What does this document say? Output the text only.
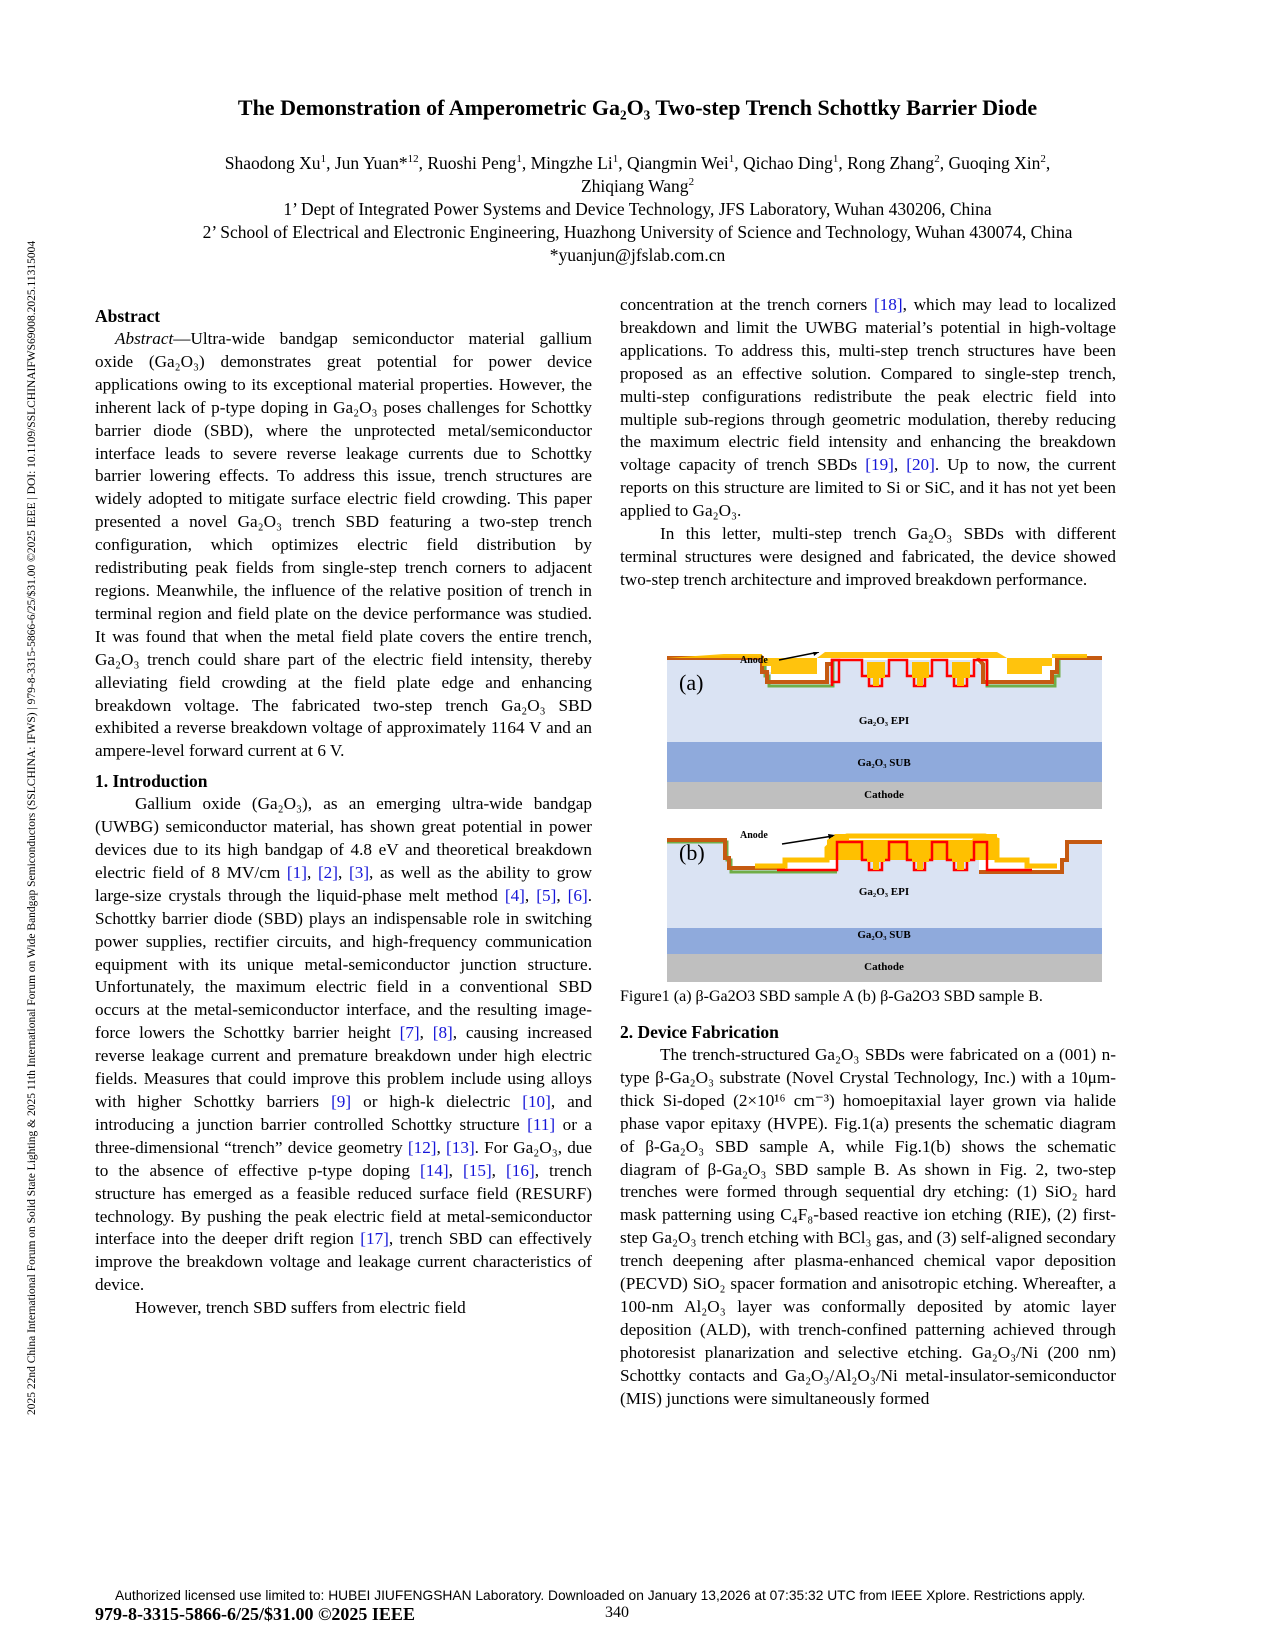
2025 22nd China International Forum on Solid State Lighting & 2025 11th International Forum on Wide Bandgap Semiconductors (SSLCHINA: IFWS) | 979-8-3315-5866-6/25/$31.00 ©2025 IEEE | DOI: 10.1109/SSLCHINAIFWS69008.2025.11315004
The Demonstration of Amperometric Ga₂O₃ Two-step Trench Schottky Barrier Diode
Shaodong Xu$^1$, Jun Yuan*$^{12}$, Ruoshi Peng$^1$, Mingzhe Li$^1$, Qiangmin Wei$^1$, Qichao Ding$^1$, Rong Zhang$^2$, Guoqing Xin$^2$,
Zhiqiang Wang$^2$
1’ Dept of Integrated Power Systems and Device Technology, JFS Laboratory, Wuhan 430206, China
2’ School of Electrical and Electronic Engineering, Huazhong University of Science and Technology, Wuhan 430074, China
*yuanjun@jfslab.com.cn
Abstract

Abstract—Ultra-wide bandgap semiconductor material gallium oxide (Ga₂O₃) demonstrates great potential for power device applications owing to its exceptional material properties. However, the inherent lack of p-type doping in Ga₂O₃ poses challenges for Schottky barrier diode (SBD), where the unprotected metal/semiconductor interface leads to severe reverse leakage currents due to Schottky barrier lowering effects. To address this issue, trench structures are widely adopted to mitigate surface electric field crowding. This paper presented a novel Ga₂O₃ trench SBD featuring a two-step trench configuration, which optimizes electric field distribution by redistributing peak fields from single-step trench corners to adjacent regions. Meanwhile, the influence of the relative position of trench in terminal region and field plate on the device performance was studied. It was found that when the metal field plate covers the entire trench, Ga₂O₃ trench could share part of the electric field intensity, thereby alleviating field crowding at the field plate edge and enhancing breakdown voltage. The fabricated two-step trench Ga₂O₃ SBD exhibited a reverse breakdown voltage of approximately 1164 V and an ampere-level forward current at 6 V.

1. Introduction

Gallium oxide (Ga₂O₃), as an emerging ultra-wide bandgap (UWBG) semiconductor material, has shown great potential in power devices due to its high bandgap of 4.8 eV and theoretical breakdown electric field of 8 MV/cm [1], [2], [3], as well as the ability to grow large-size crystals through the liquid-phase melt method [4], [5], [6]. Schottky barrier diode (SBD) plays an indispensable role in switching power supplies, rectifier circuits, and high-frequency communication equipment with its unique metal-semiconductor junction structure. Unfortunately, the maximum electric field in a conventional SBD occurs at the metal-semiconductor interface, and the resulting image-force lowers the Schottky barrier height [7], [8], causing increased reverse leakage current and premature breakdown under high electric fields. Measures that could improve this problem include using alloys with higher Schottky barriers [9] or high-k dielectric [10], and introducing a junction barrier controlled Schottky structure [11] or a three-dimensional “trench” device geometry [12], [13]. For Ga₂O₃, due to the absence of effective p-type doping [14], [15], [16], trench structure has emerged as a feasible reduced surface field (RESURF) technology. By pushing the peak electric field at metal-semiconductor interface into the deeper drift region [17], trench SBD can effectively improve the breakdown voltage and leakage current characteristics of device.

However, trench SBD suffers from electric field

concentration at the trench corners [18], which may lead to localized breakdown and limit the UWBG material’s potential in high-voltage applications. To address this, multi-step trench structures have been proposed as an effective solution. Compared to single-step trench, multi-step configurations redistribute the peak electric field into multiple sub-regions through geometric modulation, thereby reducing the maximum electric field intensity and enhancing the breakdown voltage capacity of trench SBDs [19], [20]. Up to now, the current reports on this structure are limited to Si or SiC, and it has not yet been applied to Ga₂O₃.

In this letter, multi-step trench Ga₂O₃ SBDs with different terminal structures were designed and fabricated, the device showed two-step trench architecture and improved breakdown performance.

Anode
(a)
Ga₂O₃ EPI
Ga₂O₃ SUB
Cathode
Anode
(b)
Ga₂O₃ EPI
Ga₂O₃ SUB
Cathode
Figure1 (a) β-Ga2O3 SBD sample A (b) β-Ga2O3 SBD sample B.
2. Device Fabrication

The trench-structured Ga₂O₃ SBDs were fabricated on a (001) n-type β-Ga₂O₃ substrate (Novel Crystal Technology, Inc.) with a 10μm-thick Si-doped (2×10¹⁶ cm⁻³) homoepitaxial layer grown via halide phase vapor epitaxy (HVPE). Fig.1(a) presents the schematic diagram of β-Ga₂O₃ SBD sample A, while Fig.1(b) shows the schematic diagram of β-Ga₂O₃ SBD sample B. As shown in Fig. 2, two-step trenches were formed through sequential dry etching: (1) SiO₂ hard mask patterning using C₄F₈-based reactive ion etching (RIE), (2) first-step Ga₂O₃ trench etching with BCl₃ gas, and (3) self-aligned secondary trench deepening after plasma-enhanced chemical vapor deposition (PECVD) SiO₂ spacer formation and anisotropic etching. Whereafter, a 100-nm Al₂O₃ layer was conformally deposited by atomic layer deposition (ALD), with trench-confined patterning achieved through photoresist planarization and selective etching. Ga₂O₃/Ni (200 nm) Schottky contacts and Ga₂O₃/Al₂O₃/Ni metal-insulator-semiconductor (MIS) junctions were simultaneously formed

Authorized licensed use limited to: HUBEI JIUFENGSHAN Laboratory. Downloaded on January 13,2026 at 07:35:32 UTC from IEEE Xplore. Restrictions apply.
979-8-3315-5866-6/25/$31.00 ©2025 IEEE	340
